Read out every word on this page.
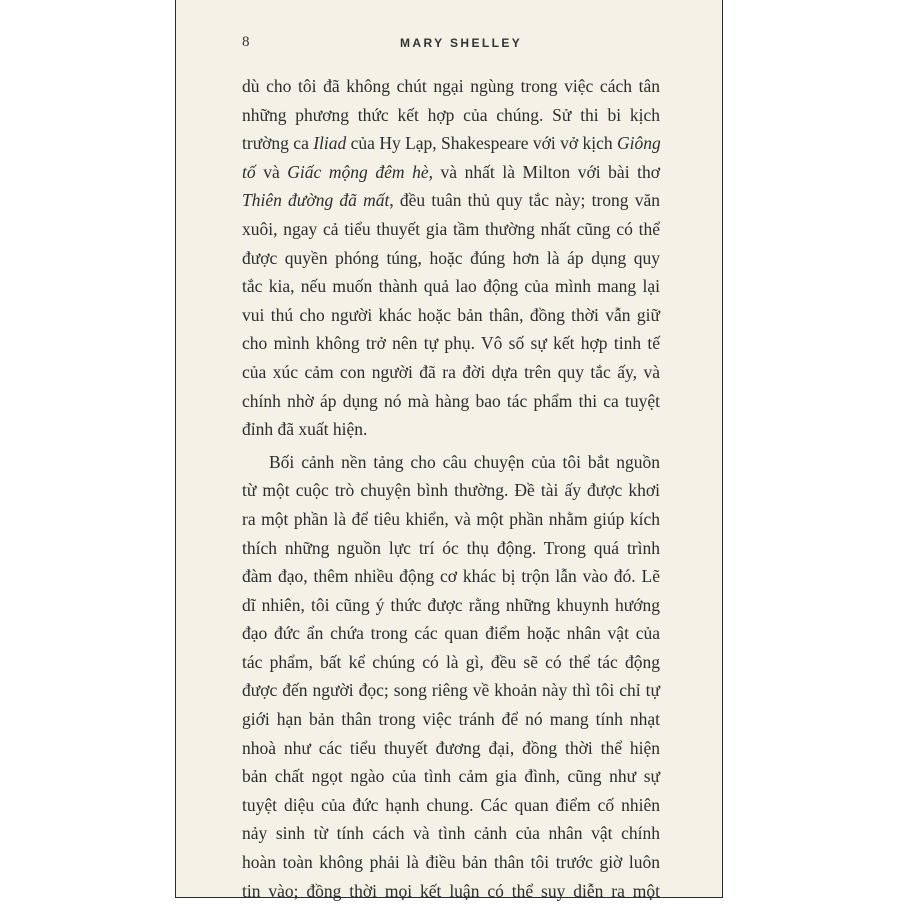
8	MARY SHELLEY
dù cho tôi đã không chút ngại ngùng trong việc cách tân
những phương thức kết hợp của chúng. Sử thi bi kịch
trường ca Iliad của Hy Lạp, Shakespeare với vở kịch Giông
tố và Giấc mộng đêm hè, và nhất là Milton với bài thơ
Thiên đường đã mất, đều tuân thủ quy tắc này; trong văn
xuôi, ngay cả tiểu thuyết gia tầm thường nhất cũng có thể
được quyền phóng túng, hoặc đúng hơn là áp dụng quy
tắc kia, nếu muốn thành quả lao động của mình mang lại
vui thú cho người khác hoặc bản thân, đồng thời vẫn giữ
cho mình không trở nên tự phụ. Vô số sự kết hợp tinh tế
của xúc cảm con người đã ra đời dựa trên quy tắc ấy, và
chính nhờ áp dụng nó mà hàng bao tác phẩm thi ca tuyệt
đỉnh đã xuất hiện.
Bối cảnh nền tảng cho câu chuyện của tôi bắt nguồn
từ một cuộc trò chuyện bình thường. Đề tài ấy được khơi
ra một phần là để tiêu khiển, và một phần nhằm giúp kích
thích những nguồn lực trí óc thụ động. Trong quá trình
đàm đạo, thêm nhiều động cơ khác bị trộn lẫn vào đó. Lẽ
dĩ nhiên, tôi cũng ý thức được rằng những khuynh hướng
đạo đức ẩn chứa trong các quan điểm hoặc nhân vật của
tác phẩm, bất kể chúng có là gì, đều sẽ có thể tác động
được đến người đọc; song riêng về khoản này thì tôi chỉ tự
giới hạn bản thân trong việc tránh để nó mang tính nhạt
nhoà như các tiểu thuyết đương đại, đồng thời thể hiện
bản chất ngọt ngào của tình cảm gia đình, cũng như sự
tuyệt diệu của đức hạnh chung. Các quan điểm cố nhiên
nảy sinh từ tính cách và tình cảnh của nhân vật chính
hoàn toàn không phải là điều bản thân tôi trước giờ luôn
tin vào; đồng thời mọi kết luận có thể suy diễn ra một
